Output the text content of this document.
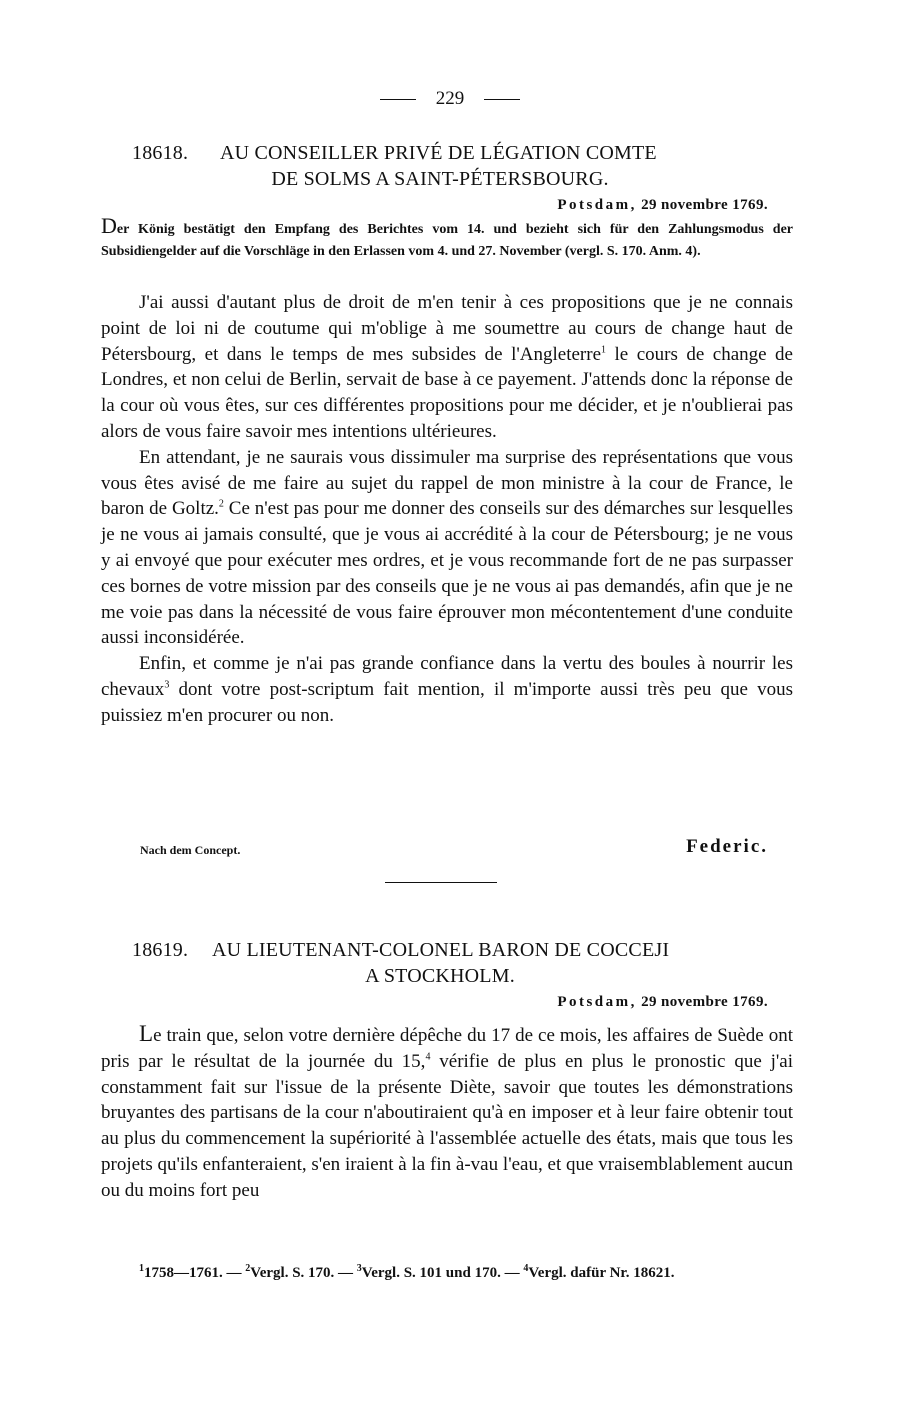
229
18618. AU CONSEILLER PRIVÉ DE LÉGATION COMTE
DE SOLMS A SAINT-PÉTERSBOURG.
Potsdam, 29 novembre 1769.
Der König bestätigt den Empfang des Berichtes vom 14. und bezieht sich für den Zahlungsmodus der Subsidiengelder auf die Vorschläge in den Erlassen vom 4. und 27. November (vergl. S. 170. Anm. 4).

J'ai aussi d'autant plus de droit de m'en tenir à ces propositions que je ne connais point de loi ni de coutume qui m'oblige à me soumettre au cours de change haut de Pétersbourg, et dans le temps de mes subsides de l'Angleterre$^1$ le cours de change de Londres, et non celui de Berlin, servait de base à ce payement. J'attends donc la réponse de la cour où vous êtes, sur ces différentes propositions pour me décider, et je n'oublierai pas alors de vous faire savoir mes intentions ultérieures.

En attendant, je ne saurais vous dissimuler ma surprise des représentations que vous vous êtes avisé de me faire au sujet du rappel de mon ministre à la cour de France, le baron de Goltz.$^2$ Ce n'est pas pour me donner des conseils sur des démarches sur lesquelles je ne vous ai jamais consulté, que je vous ai accrédité à la cour de Pétersbourg; je ne vous y ai envoyé que pour exécuter mes ordres, et je vous recommande fort de ne pas surpasser ces bornes de votre mission par des conseils que je ne vous ai pas demandés, afin que je ne me voie pas dans la nécessité de vous faire éprouver mon mécontentement d'une conduite aussi inconsidérée.

Enfin, et comme je n'ai pas grande confiance dans la vertu des boules à nourrir les chevaux$^3$ dont votre post-scriptum fait mention, il m'importe aussi très peu que vous puissiez m'en procurer ou non.

Nach dem Concept.	Federic.
18619. AU LIEUTENANT-COLONEL BARON DE COCCEJI
A STOCKHOLM.
Potsdam, 29 novembre 1769.

Le train que, selon votre dernière dépêche du 17 de ce mois, les affaires de Suède ont pris par le résultat de la journée du 15,$^4$ vérifie de plus en plus le pronostic que j'ai constamment fait sur l'issue de la présente Diète, savoir que toutes les démonstrations bruyantes des partisans de la cour n'aboutiraient qu'à en imposer et à leur faire obtenir tout au plus du commencement la supériorité à l'assemblée actuelle des états, mais que tous les projets qu'ils enfanteraient, s'en iraient à la fin à-vau l'eau, et que vraisemblablement aucun ou du moins fort peu

$^1$1758—1761. — $^2$Vergl. S. 170. — $^3$Vergl. S. 101 und 170. — $^4$Vergl. dafür Nr. 18621.
